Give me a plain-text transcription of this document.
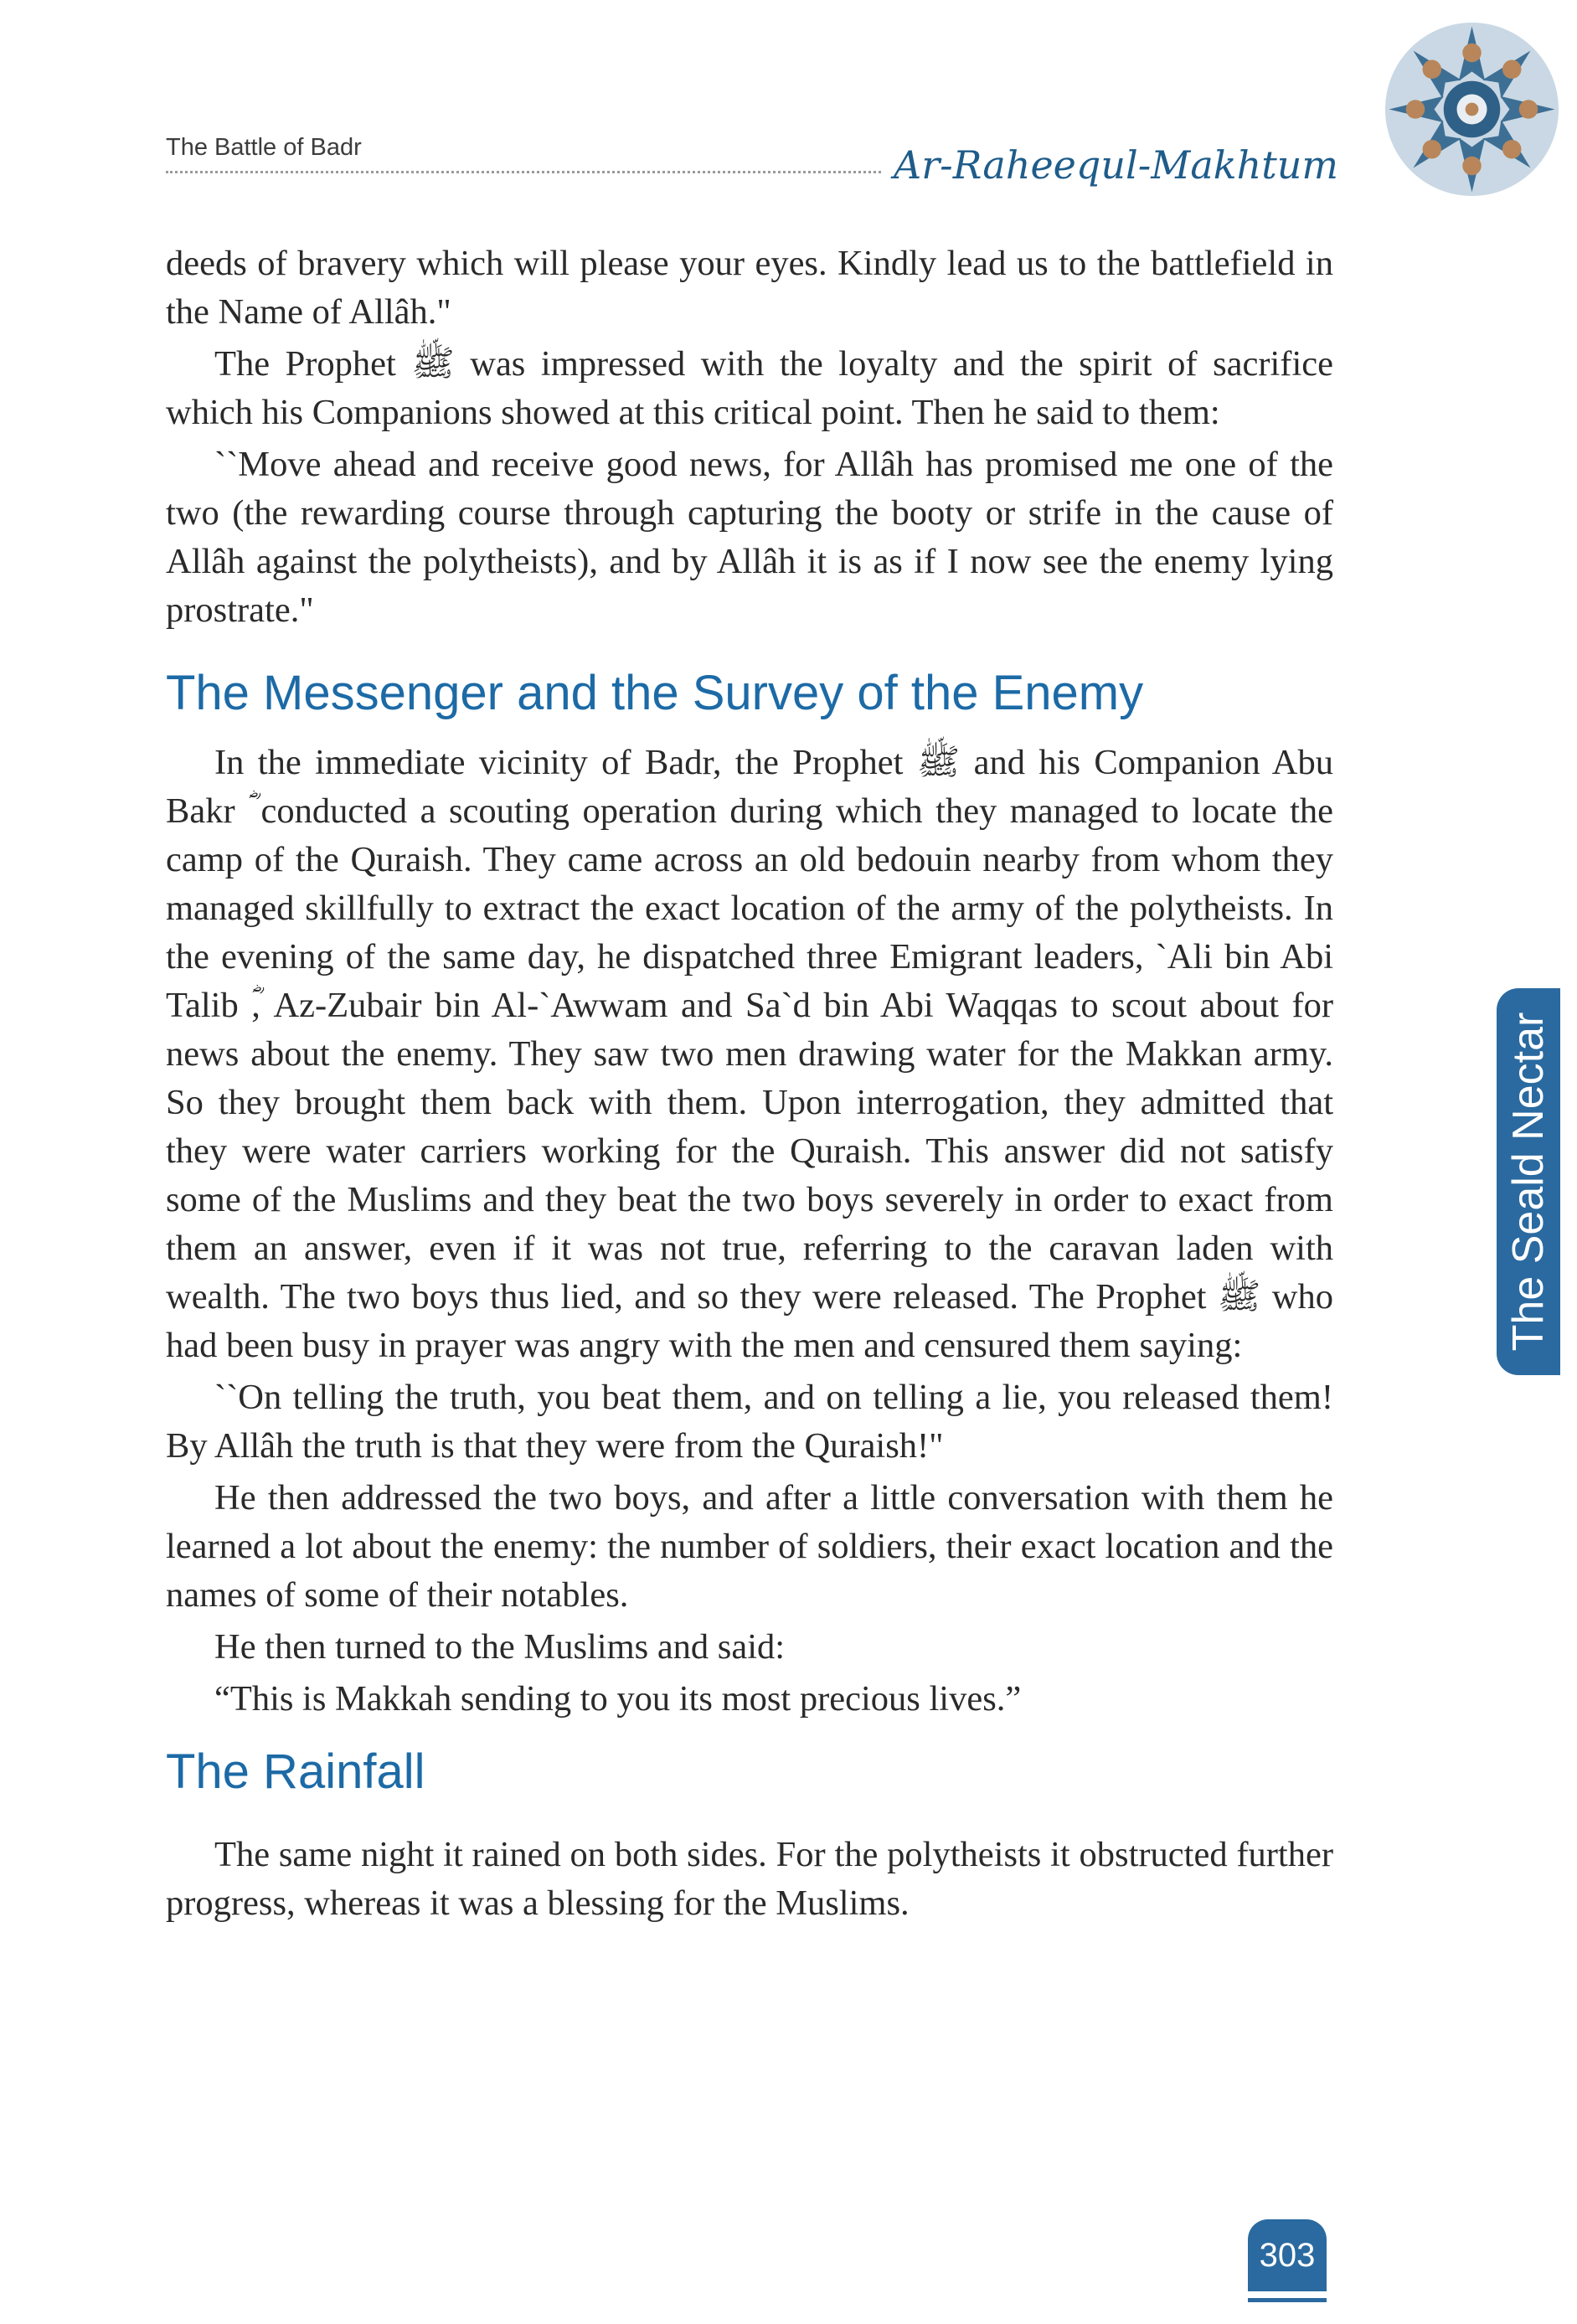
The Battle of Badr	Ar-Raheequl-Makhtum

deeds of bravery which will please your eyes. Kindly lead us to the battlefield in the Name of Allâh."

The Prophet ﷺ was impressed with the loyalty and the spirit of sacrifice which his Companions showed at this critical point. Then he said to them:

``Move ahead and receive good news, for Allâh has promised me one of the two (the rewarding course through capturing the booty or strife in the cause of Allâh against the polytheists), and by Allâh it is as if I now see the enemy lying prostrate."

The Messenger and the Survey of the Enemy

In the immediate vicinity of Badr, the Prophet ﷺ and his Companion Abu Bakr ؓ conducted a scouting operation during which they managed to locate the camp of the Quraish. They came across an old bedouin nearby from whom they managed skillfully to extract the exact location of the army of the polytheists. In the evening of the same day, he dispatched three Emigrant leaders, `Ali bin Abi Talib ؓ, Az-Zubair bin Al-`Awwam and Sa`d bin Abi Waqqas to scout about for news about the enemy. They saw two men drawing water for the Makkan army. So they brought them back with them. Upon interrogation, they admitted that they were water carriers working for the Quraish. This answer did not satisfy some of the Muslims and they beat the two boys severely in order to exact from them an answer, even if it was not true, referring to the caravan laden with wealth. The two boys thus lied, and so they were released. The Prophet ﷺ who had been busy in prayer was angry with the men and censured them saying:

``On telling the truth, you beat them, and on telling a lie, you released them! By Allâh the truth is that they were from the Quraish!"

He then addressed the two boys, and after a little conversation with them he learned a lot about the enemy: the number of soldiers, their exact location and the names of some of their notables.

He then turned to the Muslims and said:

“This is Makkah sending to you its most precious lives.”

The Rainfall

The same night it rained on both sides. For the polytheists it obstructed further progress, whereas it was a blessing for the Muslims.

The Seald Nectar
303
